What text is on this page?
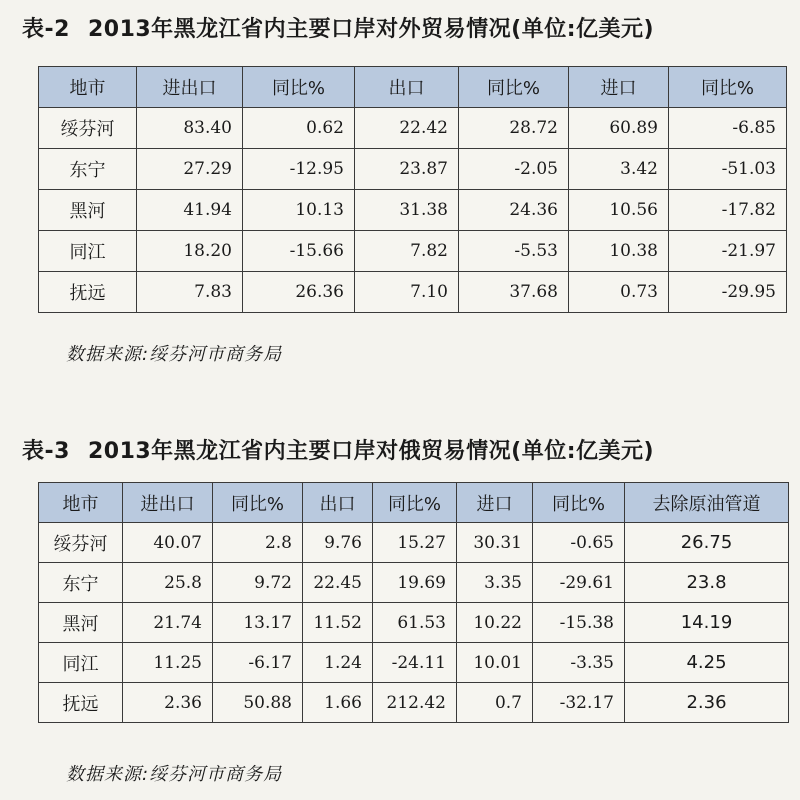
表-2 2013年黑龙江省内主要口岸对外贸易情况(单位:亿美元)
地市	进出口	同比%	出口	同比%	进口	同比%
绥芬河	83.40	0.62	22.42	28.72	60.89	-6.85
东宁	27.29	-12.95	23.87	-2.05	3.42	-51.03
黑河	41.94	10.13	31.38	24.36	10.56	-17.82
同江	18.20	-15.66	7.82	-5.53	10.38	-21.97
抚远	7.83	26.36	7.10	37.68	0.73	-29.95
数据来源:绥芬河市商务局
表-3 2013年黑龙江省内主要口岸对俄贸易情况(单位:亿美元)
地市	进出口	同比%	出口	同比%	进口	同比%	去除原油管道
绥芬河	40.07	2.8	9.76	15.27	30.31	-0.65	26.75
东宁	25.8	9.72	22.45	19.69	3.35	-29.61	23.8
黑河	21.74	13.17	11.52	61.53	10.22	-15.38	14.19
同江	11.25	-6.17	1.24	-24.11	10.01	-3.35	4.25
抚远	2.36	50.88	1.66	212.42	0.7	-32.17	2.36
数据来源:绥芬河市商务局
